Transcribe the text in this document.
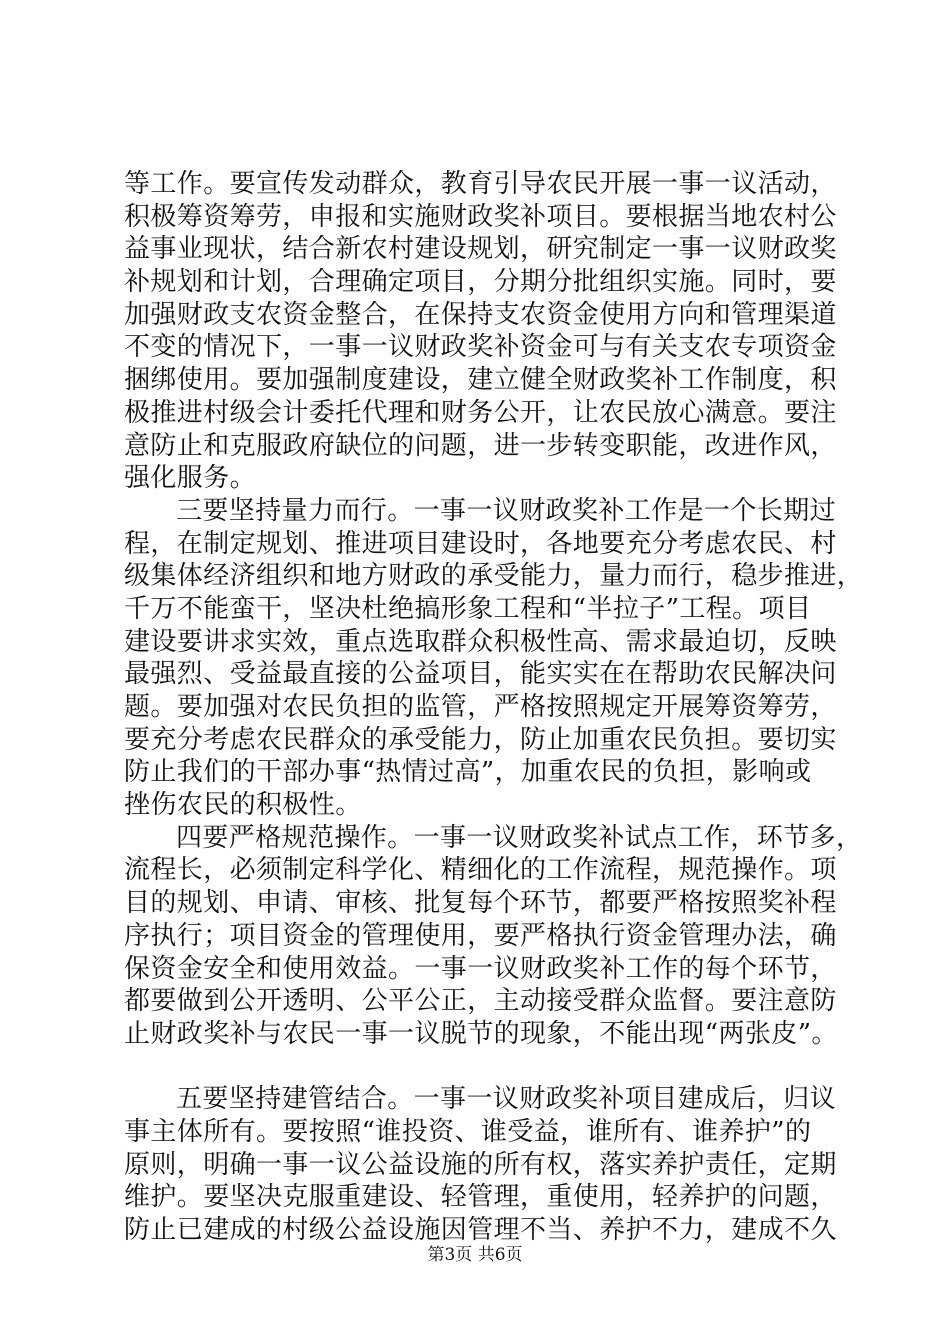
等工作。要宣传发动群众，教育引导农民开展一事一议活动，
积极筹资筹劳，申报和实施财政奖补项目。要根据当地农村公
益事业现状，结合新农村建设规划，研究制定一事一议财政奖
补规划和计划，合理确定项目，分期分批组织实施。同时，要
加强财政支农资金整合，在保持支农资金使用方向和管理渠道
不变的情况下，一事一议财政奖补资金可与有关支农专项资金
捆绑使用。要加强制度建设，建立健全财政奖补工作制度，积
极推进村级会计委托代理和财务公开，让农民放心满意。要注
意防止和克服政府缺位的问题，进一步转变职能，改进作风，
强化服务。
三要坚持量力而行。一事一议财政奖补工作是一个长期过
程，在制定规划、推进项目建设时，各地要充分考虑农民、村
级集体经济组织和地方财政的承受能力，量力而行，稳步推进，
千万不能蛮干，坚决杜绝搞形象工程和“半拉子”工程。项目
建设要讲求实效，重点选取群众积极性高、需求最迫切，反映
最强烈、受益最直接的公益项目，能实实在在帮助农民解决问
题。要加强对农民负担的监管，严格按照规定开展筹资筹劳，
要充分考虑农民群众的承受能力，防止加重农民负担。要切实
防止我们的干部办事“热情过高”，加重农民的负担，影响或
挫伤农民的积极性。
四要严格规范操作。一事一议财政奖补试点工作，环节多，
流程长，必须制定科学化、精细化的工作流程，规范操作。项
目的规划、申请、审核、批复每个环节，都要严格按照奖补程
序执行；项目资金的管理使用，要严格执行资金管理办法，确
保资金安全和使用效益。一事一议财政奖补工作的每个环节，
都要做到公开透明、公平公正，主动接受群众监督。要注意防
止财政奖补与农民一事一议脱节的现象，不能出现“两张皮”。
五要坚持建管结合。一事一议财政奖补项目建成后，归议
事主体所有。要按照“谁投资、谁受益，谁所有、谁养护”的
原则，明确一事一议公益设施的所有权，落实养护责任，定期
维护。要坚决克服重建设、轻管理，重使用，轻养护的问题，
防止已建成的村级公益设施因管理不当、养护不力，建成不久
第3页 共6页
